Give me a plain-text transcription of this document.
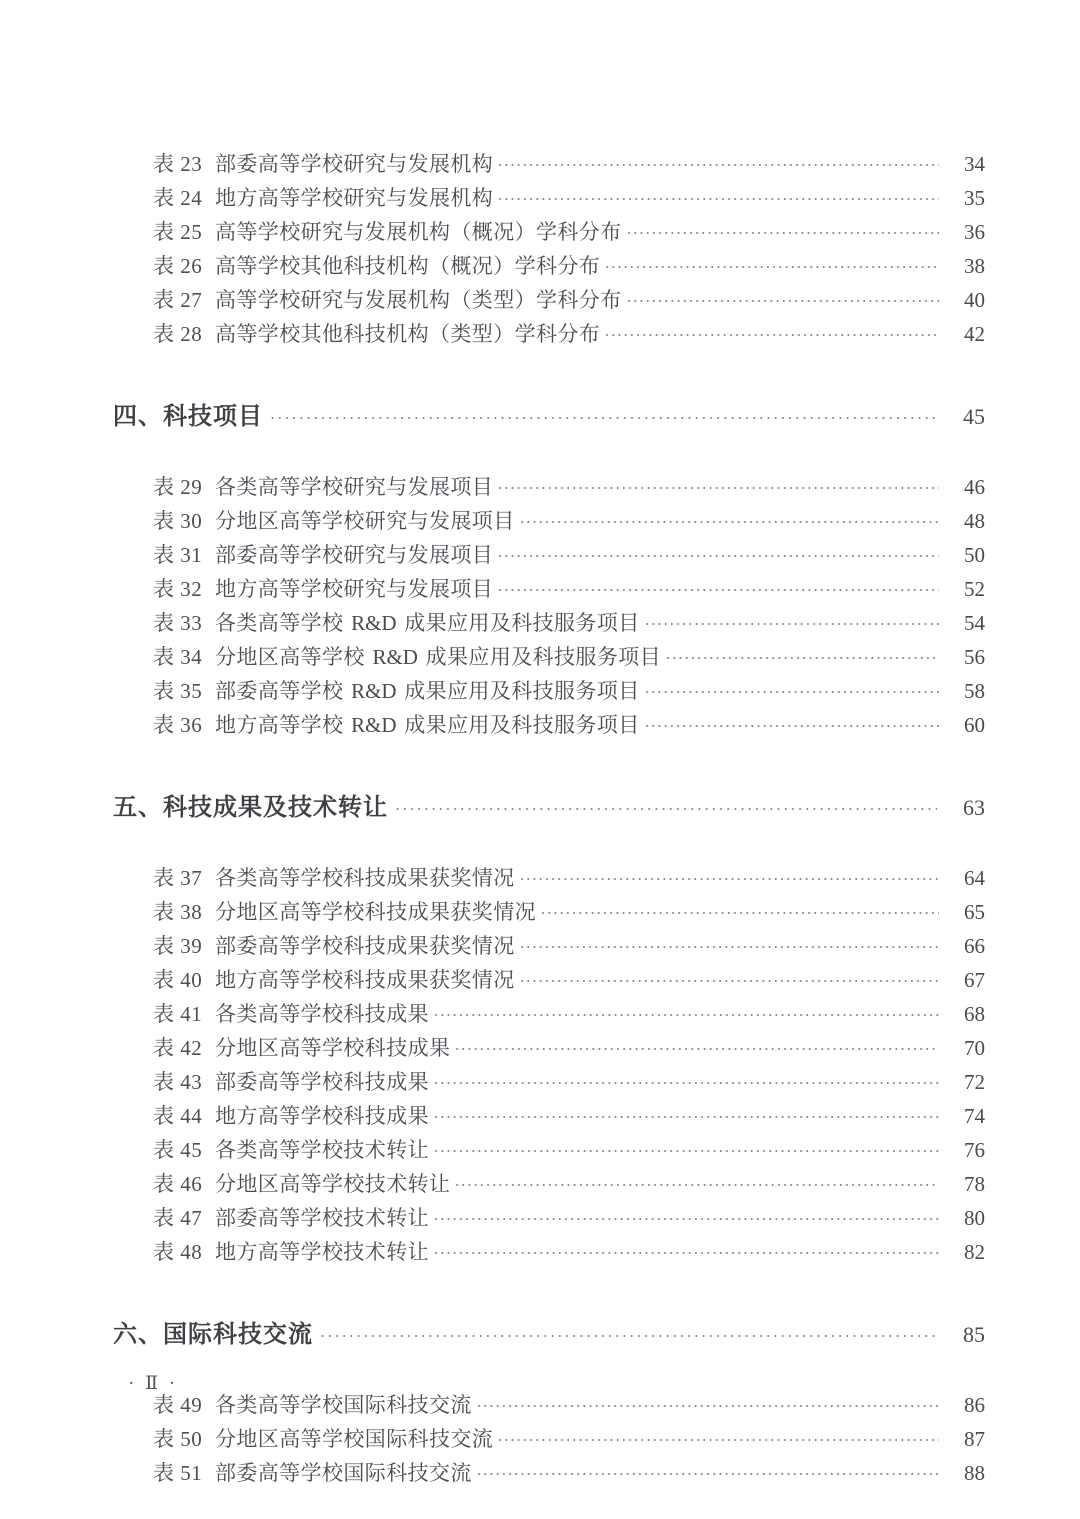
表 23 部委高等学校研究与发展机构	34
表 24 地方高等学校研究与发展机构	35
表 25 高等学校研究与发展机构（概况）学科分布	36
表 26 高等学校其他科技机构（概况）学科分布	38
表 27 高等学校研究与发展机构（类型）学科分布	40
表 28 高等学校其他科技机构（类型）学科分布	42
四、科技项目	45
表 29 各类高等学校研究与发展项目	46
表 30 分地区高等学校研究与发展项目	48
表 31 部委高等学校研究与发展项目	50
表 32 地方高等学校研究与发展项目	52
表 33 各类高等学校 R&D 成果应用及科技服务项目	54
表 34 分地区高等学校 R&D 成果应用及科技服务项目	56
表 35 部委高等学校 R&D 成果应用及科技服务项目	58
表 36 地方高等学校 R&D 成果应用及科技服务项目	60
五、科技成果及技术转让	63
表 37 各类高等学校科技成果获奖情况	64
表 38 分地区高等学校科技成果获奖情况	65
表 39 部委高等学校科技成果获奖情况	66
表 40 地方高等学校科技成果获奖情况	67
表 41 各类高等学校科技成果	68
表 42 分地区高等学校科技成果	70
表 43 部委高等学校科技成果	72
表 44 地方高等学校科技成果	74
表 45 各类高等学校技术转让	76
表 46 分地区高等学校技术转让	78
表 47 部委高等学校技术转让	80
表 48 地方高等学校技术转让	82
六、国际科技交流	85
表 49 各类高等学校国际科技交流	86
表 50 分地区高等学校国际科技交流	87
表 51 部委高等学校国际科技交流	88
· Ⅱ ·
